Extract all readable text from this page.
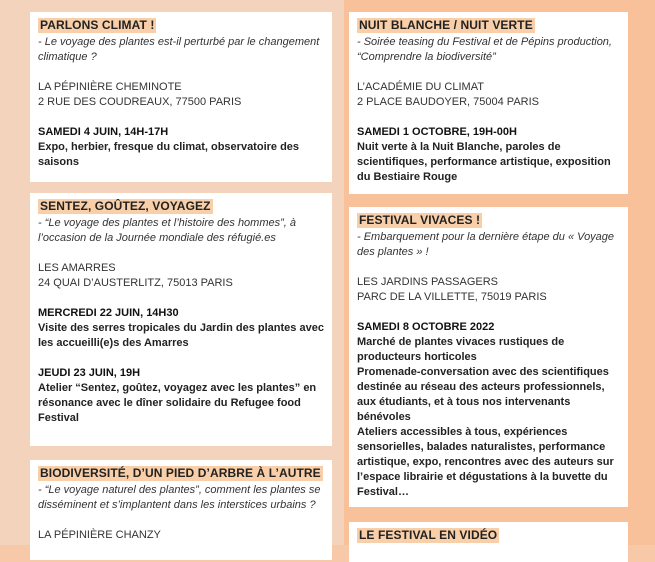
PARLONS CLIMAT !
- Le voyage des plantes est-il perturbé par le changement climatique ?
LA PÉPINIÈRE CHEMINOTE
2 RUE DES COUDREAUX, 77500 PARIS
SAMEDI 4 JUIN, 14H-17H
Expo, herbier, fresque du climat, observatoire des saisons
SENTEZ, GOÛTEZ, VOYAGEZ
- “Le voyage des plantes et l’histoire des hommes”, à l’occasion de la Journée mondiale des réfugié.es
LES AMARRES
24 QUAI D’AUSTERLITZ, 75013 PARIS
MERCREDI 22 JUIN, 14H30
Visite des serres tropicales du Jardin des plantes avec les accueilli(e)s des Amarres
JEUDI 23 JUIN, 19H
Atelier “Sentez, goûtez, voyagez avec les plantes” en résonance avec le dîner solidaire du Refugee food Festival
BIODIVERSITÉ, D’UN PIED D’ARBRE À L’AUTRE
- “Le voyage naturel des plantes”, comment les plantes se disséminent et s’implantent dans les interstices urbains ?
LA PÉPINIÈRE CHANZY
NUIT BLANCHE / NUIT VERTE
- Soirée teasing du Festival et de Pépins production, “Comprendre la biodiversité”
L’ACADÉMIE DU CLIMAT
2 PLACE BAUDOYER, 75004 PARIS
SAMEDI 1 OCTOBRE, 19H-00H
Nuit verte à la Nuit Blanche, paroles de scientifiques, performance artistique, exposition du Bestiaire Rouge
FESTIVAL VIVACES !
- Embarquement pour la dernière étape du « Voyage des plantes » !
LES JARDINS PASSAGERS
PARC DE LA VILLETTE, 75019 PARIS
SAMEDI 8 OCTOBRE 2022
Marché de plantes vivaces rustiques de producteurs horticoles
Promenade-conversation avec des scientifiques destinée au réseau des acteurs professionnels, aux étudiants, et à tous nos intervenants bénévoles
Ateliers accessibles à tous, expériences sensorielles, balades naturalistes, performance artistique, expo, rencontres avec des auteurs sur l’espace librairie et dégustations à la buvette du Festival…
LE FESTIVAL EN VIDÉO
